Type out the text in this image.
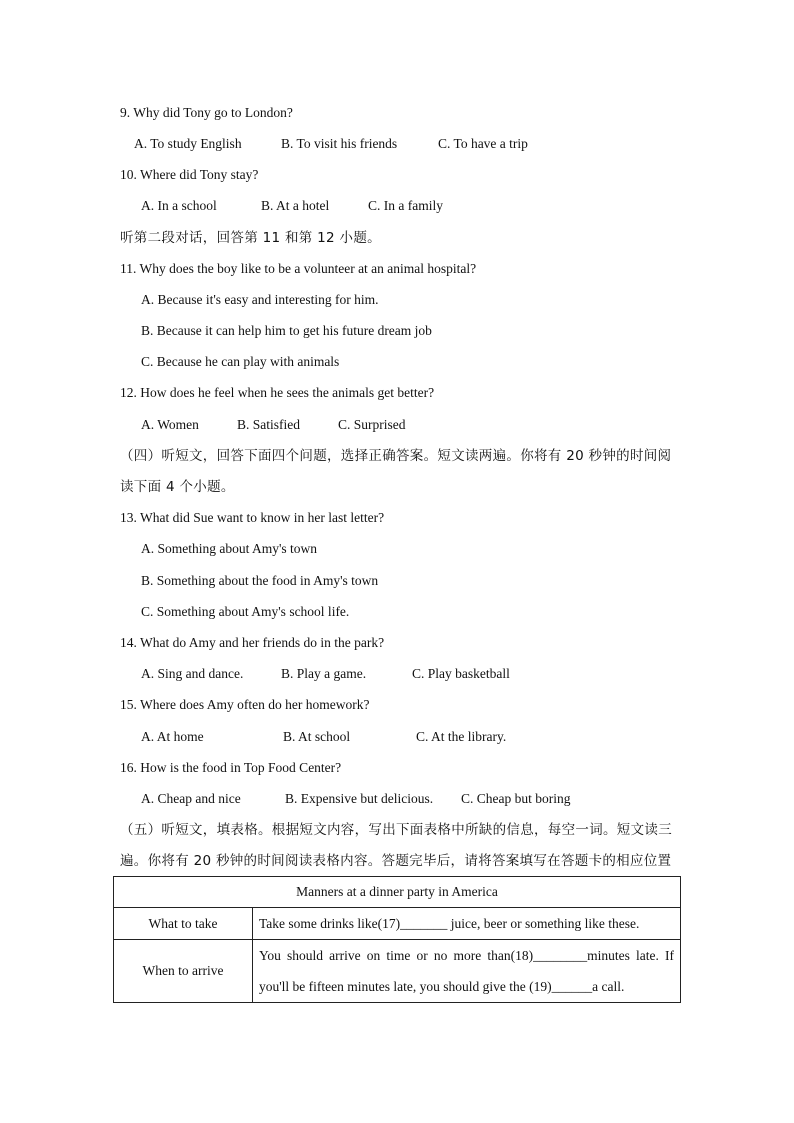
9. Why did Tony go to London?
A. To study English	B. To visit his friends	C. To have a trip
10. Where did Tony stay?
A. In a school	B. At a hotel	C. In a family
听第二段对话，回答第 11 和第 12 小题。
11. Why does the boy like to be a volunteer at an animal hospital?
A. Because it's easy and interesting for him.
B. Because it can help him to get his future dream job
C. Because he can play with animals
12. How does he feel when he sees the animals get better?
A. Women	B. Satisfied	C. Surprised
（四）听短文，回答下面四个问题，选择正确答案。短文读两遍。你将有 20 秒钟的时间阅
读下面 4 个小题。
13. What did Sue want to know in her last letter?
A. Something about Amy's town
B. Something about the food in Amy's town
C. Something about Amy's school life.
14. What do Amy and her friends do in the park?
A. Sing and dance.	B. Play a game.	C. Play basketball
15. Where does Amy often do her homework?
A. At home	B. At school	C. At the library.
16. How is the food in Top Food Center?
A. Cheap and nice	B. Expensive but delicious. C. Cheap but boring
（五）听短文，填表格。根据短文内容，写出下面表格中所缺的信息，每空一词。短文读三
遍。你将有 20 秒钟的时间阅读表格内容。答题完毕后，请将答案填写在答题卡的相应位置
Manners at a dinner party in America	
What to take	Take some drinks like(17)_______ juice, beer or something like these.
When to arrive	You should arrive on time or no more than(18)________minutes late. If you'll be fifteen minutes late, you should give the (19)______a call.
